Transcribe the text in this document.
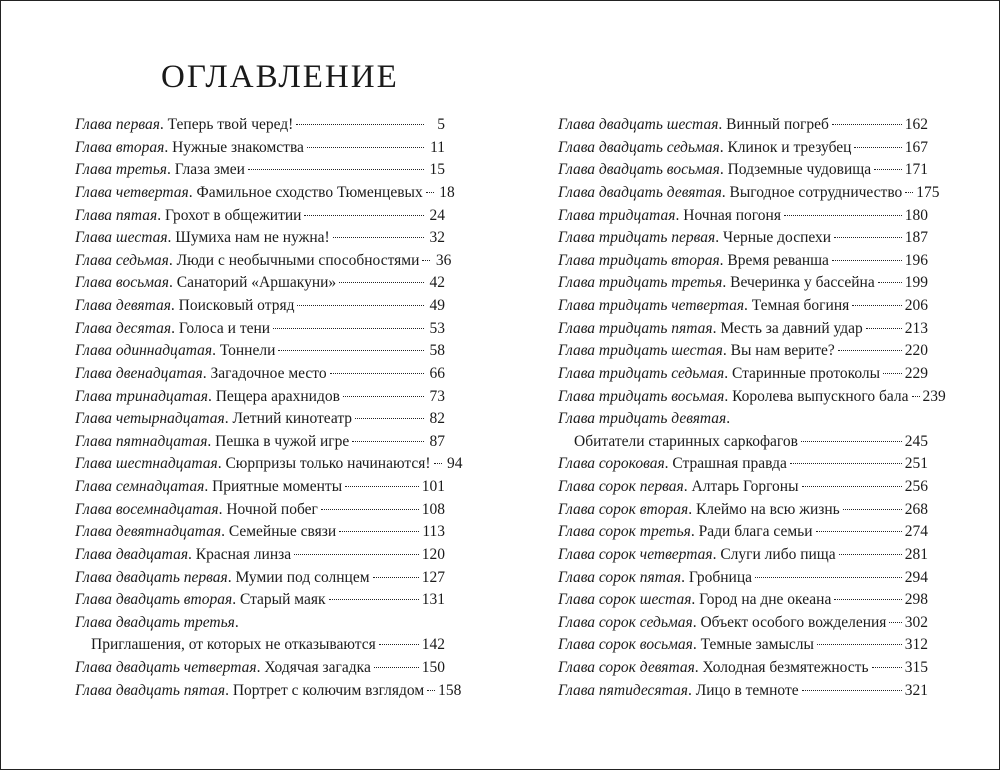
ОГЛАВЛЕНИЕ
Глава первая . Теперь твой черед!	5
Глава вторая . Нужные знакомства	11
Глава третья . Глаза змеи	15
Глава четвертая . Фамильное сходство Тюменцевых 18
Глава пятая . Грохот в общежитии	24
Глава шестая . Шумиха нам не нужна!	32
Глава седьмая . Люди с необычными способностями 36
Глава восьмая . Санаторий «Аршакуни»	42
Глава девятая . Поисковый отряд	49
Глава десятая . Голоса и тени	53
Глава одиннадцатая . Тоннели	58
Глава двенадцатая . Загадочное место	66
Глава тринадцатая . Пещера арахнидов	73
Глава четырнадцатая . Летний кинотеатр	82
Глава пятнадцатая . Пешка в чужой игре	87
Глава шестнадцатая . Сюрпризы только начинаются! 94
Глава семнадцатая . Приятные моменты	101
Глава восемнадцатая . Ночной побег	108
Глава девятнадцатая . Семейные связи	113
Глава двадцатая . Красная линза	120
Глава двадцать первая . Мумии под солнцем	127
Глава двадцать вторая . Старый маяк	131
Глава двадцать третья .
Приглашения, от которых не отказываются	142
Глава двадцать четвертая . Ходячая загадка	150
Глава двадцать пятая . Портрет с колючим взглядом 158
Глава двадцать шестая . Винный погреб	162
Глава двадцать седьмая . Клинок и трезубец	167
Глава двадцать восьмая . Подземные чудовища 171
Глава двадцать девятая . Выгодное сотрудничество 175
Глава тридцатая . Ночная погоня	180
Глава тридцать первая . Черные доспехи	187
Глава тридцать вторая . Время реванша	196
Глава тридцать третья . Вечеринка у бассейна 199
Глава тридцать четвертая . Темная богиня	206
Глава тридцать пятая . Месть за давний удар	213
Глава тридцать шестая . Вы нам верите?	220
Глава тридцать седьмая . Старинные протоколы 229
Глава тридцать восьмая . Королева выпускного бала 239
Глава тридцать девятая .
Обитатели старинных саркофагов	245
Глава сороковая . Страшная правда	251
Глава сорок первая . Алтарь Горгоны	256
Глава сорок вторая . Клеймо на всю жизнь	268
Глава сорок третья . Ради блага семьи	274
Глава сорок четвертая . Слуги либо пища	281
Глава сорок пятая . Гробница	294
Глава сорок шестая . Город на дне океана	298
Глава сорок седьмая . Объект особого вожделения 302
Глава сорок восьмая . Темные замыслы	312
Глава сорок девятая . Холодная безмятежность 315
Глава пятидесятая . Лицо в темноте	321
